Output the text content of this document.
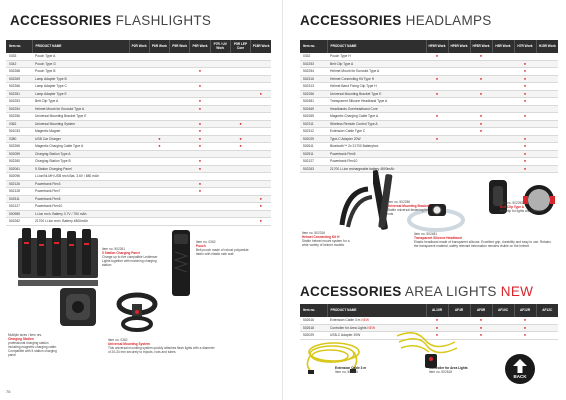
ACCESSORIES FLASHLIGHTS
Item no.	PRODUCT NAME	P2R Work	P6R Work	P5R Work	P6R Work	P7R / UV Work	P5R LEP Core	P18R Work
0333	Pouch Type A							
0342	Pouch Type G							
502268	Pouch Type B				●			
502269	Lamp Adapter Type B							
502266	Lamp Adapter Type C				●			
502281	Lamp Adapter Type E							●
502253	Belt Clip Type A				●			
502254	Helmet Mount for Euroslot Type A				●			
502256	Universal Mounting Bracket Type E							
0362	Universal Mounting System				●		●	
501033	Magnetic Magnet				●			
0380	USB Car Charger		●		●		●	
502265	Magnetic Charging Cable Type A		●		●		●	
502059	Charging Station Type A							
502260	Charging Station Type B				●			
502061	5 Station Charging Panel				●			
502096	Li-Ion/Ni-MH USB rech.Bat. 3.6V / 880 mAh							
502126	Powerbank Flex3				●			
502128	Powerbank Flex7				●			
502511	Powerbank Flex5							●
502127	Powerbank Flex10							●
500985	Li-Ion rech. Battery 3.7V / 750 mAh							
502262	21700 Li-ion rech. Battery 4800mAh							●
Item no. 502261
5 Station Charging Panel
Charge up to five compatible Ledlenser Lights together with matching charging station
Item no. 0362
Pouch
Belt pouch made of robust polyamide fabric with elastic side wall
Multiple sizes / item nrs.
Charging Station
professional charging station including magnetic charging cable. Compatible with 5 station charging panel
Item no. 0362
Universal Mounting System
This universal mounting system quickly attaches flash lights with a diameter of 20-34 mm securely to tripods, rods and tubes.
76
ACCESSORIES HEADLAMPS
Item no.	PRODUCT NAME	HF6R Work	HF6R Work	HF8R Work	H5R Work	H7R Work	H15R Work
0332	Pouch Type H	●		●			
502253	Belt Clip Type A					●	
502254	Helmet Mount for Euroslot Type A					●	
502316	Helmet Connecting Kit Type H	●		●		●	
502313	Helmet Band Fixing Clip Type H					●	
502256	Universal Mounting Bracket Type E	●		●		●	
502481	Transparent Silicone Headband Type A					●	
502469	Headbands Overheadband Core						
502265	Magnetic Charging Cable Type A	●		●		●	
502311	Wireless Remote Control Type A			●			
502312	Extension Cable Type C			●			
502029	Type-C Adapter 20W	●				●	
502611	Bluetooth™ 2x 21700 Batterybox					●	
502511	Powerbank Flex5					●	
502127	Powerbank Flex10					●	
502263	21700 Li-ion rechargeable battery 4800mAh					●	
Item no. 502256
Universal Mounting Bracket
Stable universal fastening for rods
Item no. 502253
Belt Clip Type A
Belt clip for lights and batteries
Item no. 502316
Helmet Connecting Kit H
Stable helmet mount system for a wide variety of helmet models
Item no. 502481
Transparent Silicone Headband
Elastic headband made of transparent silicone. Excellent grip, durability and easy to use. Retains the transparent material, safety relevant information remains visible on the helmet.
ACCESSORIES AREA LIGHTS NEW
Item no.	PRODUCT NAME	AL10R	AF4R	AF8R	AF10C	AF12R	AF12C
502616	Extension Cable 3 m NEW	●		●		●	
502618	Controller for Area Lights NEW	●		●		●	
502029	USB-C Adapter 20W	●		●		●	
Extension Cable 3 m
Item no. 502616
Controller for Area Lights
Item no. 502618
BACK
